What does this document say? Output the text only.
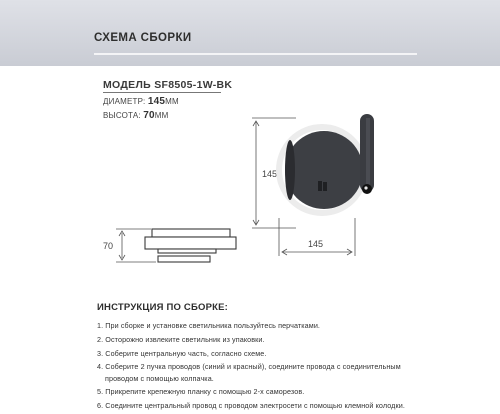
СХЕМА СБОРКИ
МОДЕЛЬ SF8505-1W-BK
ДИАМЕТР: 145ММ
ВЫСОТА: 70ММ
145
145
70
ИНСТРУКЦИЯ ПО СБОРКЕ:
1. При сборке и установке светильника пользуйтесь перчатками.
2. Осторожно извлеките светильник из упаковки.
3. Соберите центральную часть, согласно схеме.
4. Соберите 2 пучка проводов (синий и красный), соедините провода с соединительным
проводом с помощью колпачка.
5. Прикрепите крепежную планку с помощью 2-х саморезов.
6. Соедините центральный провод с проводом электросети с помощью клемной колодки.
